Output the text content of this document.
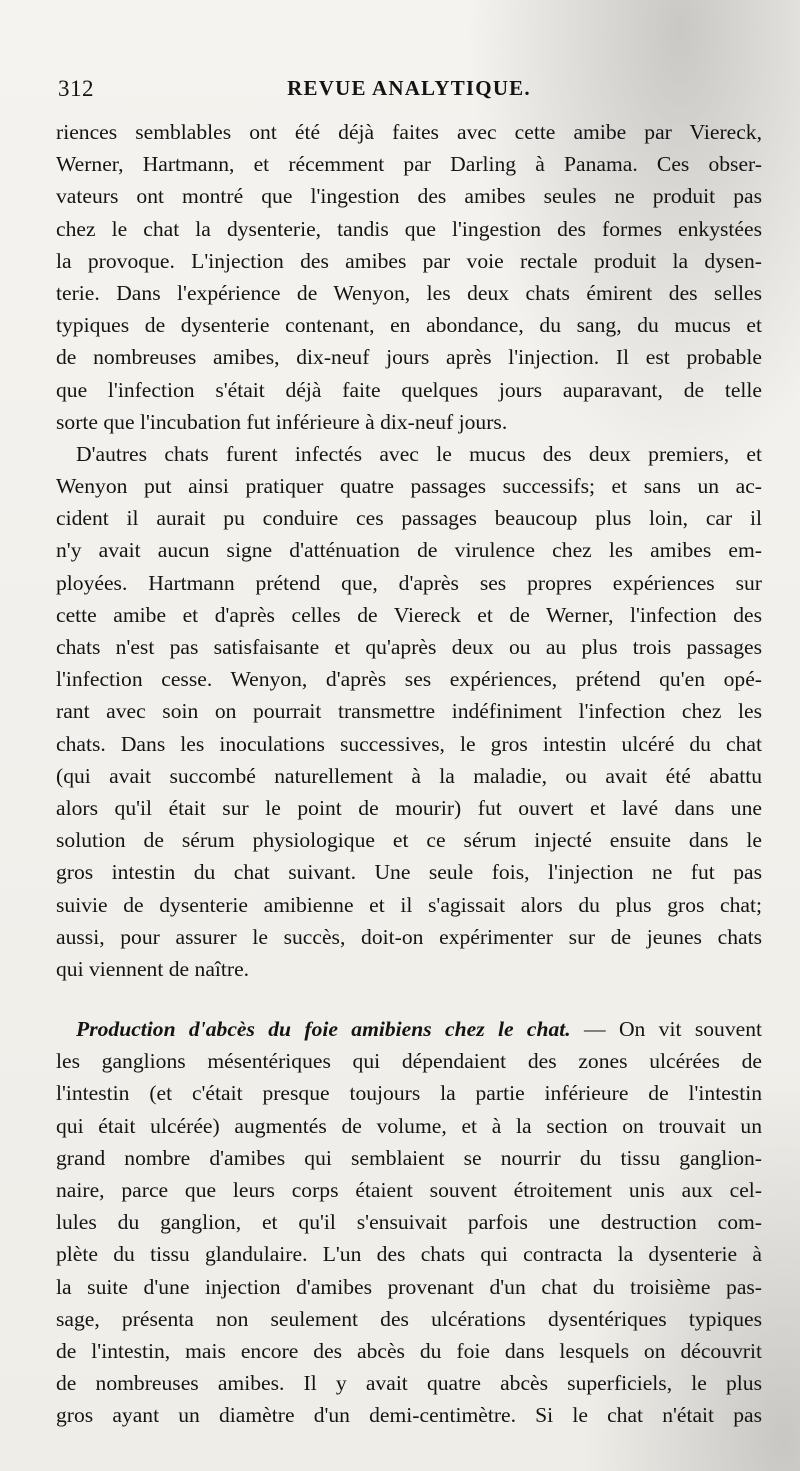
312	REVUE ANALYTIQUE.
riences semblables ont été déjà faites avec cette amibe par Viereck,
Werner, Hartmann, et récemment par Darling à Panama. Ces obser-
vateurs ont montré que l'ingestion des amibes seules ne produit pas
chez le chat la dysenterie, tandis que l'ingestion des formes enkystées
la provoque. L'injection des amibes par voie rectale produit la dysen-
terie. Dans l'expérience de Wenyon, les deux chats émirent des selles
typiques de dysenterie contenant, en abondance, du sang, du mucus et
de nombreuses amibes, dix-neuf jours après l'injection. Il est probable
que l'infection s'était déjà faite quelques jours auparavant, de telle
sorte que l'incubation fut inférieure à dix-neuf jours.
D'autres chats furent infectés avec le mucus des deux premiers, et
Wenyon put ainsi pratiquer quatre passages successifs; et sans un ac-
cident il aurait pu conduire ces passages beaucoup plus loin, car il
n'y avait aucun signe d'atténuation de virulence chez les amibes em-
ployées. Hartmann prétend que, d'après ses propres expériences sur
cette amibe et d'après celles de Viereck et de Werner, l'infection des
chats n'est pas satisfaisante et qu'après deux ou au plus trois passages
l'infection cesse. Wenyon, d'après ses expériences, prétend qu'en opé-
rant avec soin on pourrait transmettre indéfiniment l'infection chez les
chats. Dans les inoculations successives, le gros intestin ulcéré du chat
(qui avait succombé naturellement à la maladie, ou avait été abattu
alors qu'il était sur le point de mourir) fut ouvert et lavé dans une
solution de sérum physiologique et ce sérum injecté ensuite dans le
gros intestin du chat suivant. Une seule fois, l'injection ne fut pas
suivie de dysenterie amibienne et il s'agissait alors du plus gros chat;
aussi, pour assurer le succès, doit-on expérimenter sur de jeunes chats
qui viennent de naître.
Production d'abcès du foie amibiens chez le chat. — On vit souvent
les ganglions mésentériques qui dépendaient des zones ulcérées de
l'intestin (et c'était presque toujours la partie inférieure de l'intestin
qui était ulcérée) augmentés de volume, et à la section on trouvait un
grand nombre d'amibes qui semblaient se nourrir du tissu ganglion-
naire, parce que leurs corps étaient souvent étroitement unis aux cel-
lules du ganglion, et qu'il s'ensuivait parfois une destruction com-
plète du tissu glandulaire. L'un des chats qui contracta la dysenterie à
la suite d'une injection d'amibes provenant d'un chat du troisième pas-
sage, présenta non seulement des ulcérations dysentériques typiques
de l'intestin, mais encore des abcès du foie dans lesquels on découvrit
de nombreuses amibes. Il y avait quatre abcès superficiels, le plus
gros ayant un diamètre d'un demi-centimètre. Si le chat n'était pas
